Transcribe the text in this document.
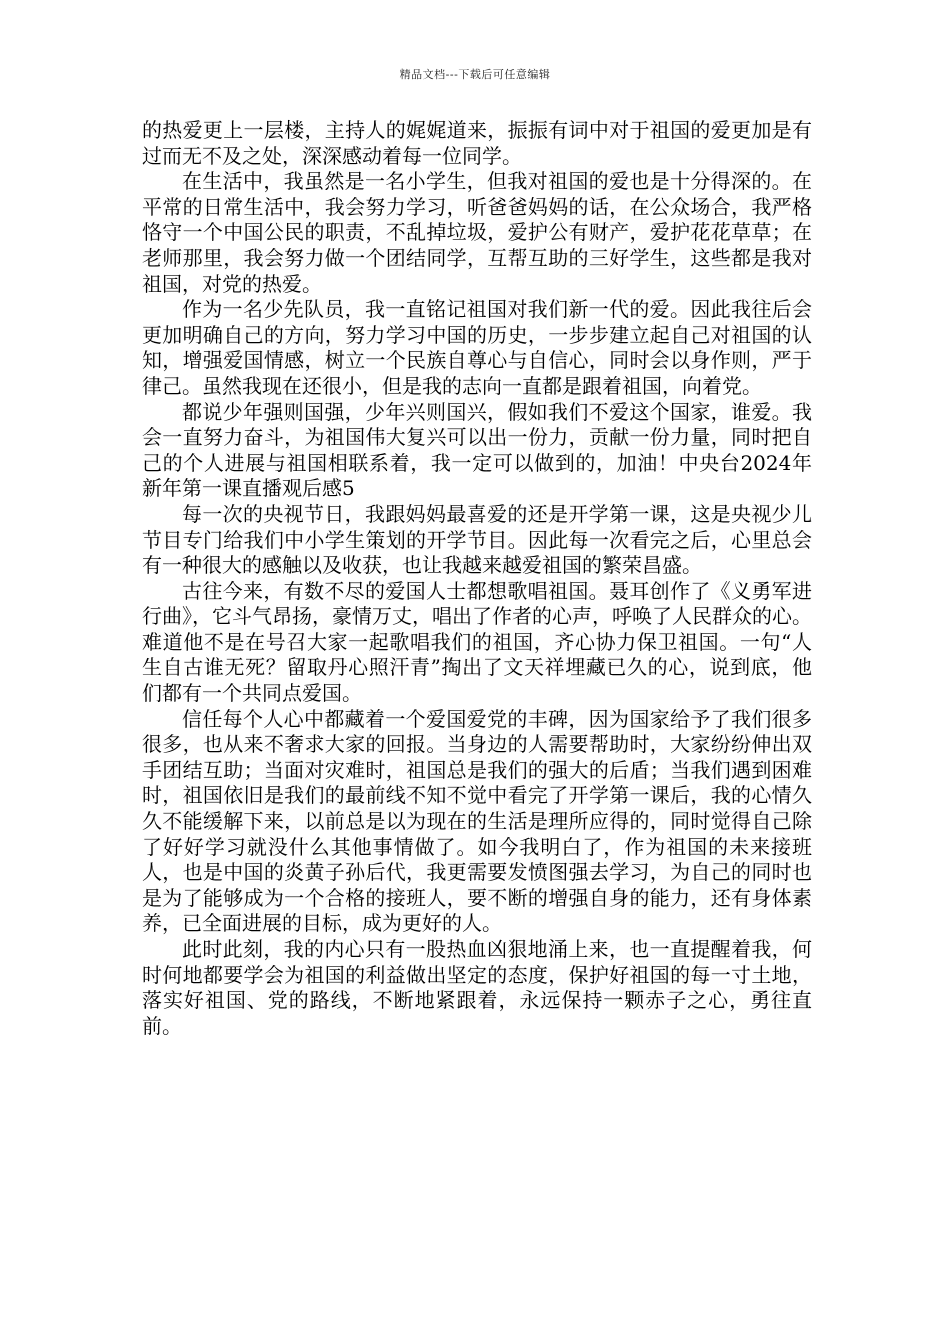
精品文档---下载后可任意编辑

的热爱更上一层楼，主持人的娓娓道来，振振有词中对于祖国的爱更加是有过而无不及之处，深深感动着每一位同学。

在生活中，我虽然是一名小学生，但我对祖国的爱也是十分得深的。在平常的日常生活中，我会努力学习，听爸爸妈妈的话，在公众场合，我严格恪守一个中国公民的职责，不乱掉垃圾，爱护公有财产，爱护花花草草；在老师那里，我会努力做一个团结同学，互帮互助的三好学生，这些都是我对祖国，对党的热爱。

作为一名少先队员，我一直铭记祖国对我们新一代的爱。因此我往后会更加明确自己的方向，努力学习中国的历史，一步步建立起自己对祖国的认知，增强爱国情感，树立一个民族自尊心与自信心，同时会以身作则，严于律己。虽然我现在还很小，但是我的志向一直都是跟着祖国，向着党。

都说少年强则国强，少年兴则国兴，假如我们不爱这个国家，谁爱。我会一直努力奋斗，为祖国伟大复兴可以出一份力，贡献一份力量，同时把自己的个人进展与祖国相联系着，我一定可以做到的，加油！中央台2024年新年第一课直播观后感5

每一次的央视节日，我跟妈妈最喜爱的还是开学第一课，这是央视少儿节目专门给我们中小学生策划的开学节目。因此每一次看完之后，心里总会有一种很大的感触以及收获，也让我越来越爱祖国的繁荣昌盛。

古往今来，有数不尽的爱国人士都想歌唱祖国。聂耳创作了《义勇军进行曲》，它斗气昂扬，豪情万丈，唱出了作者的心声，呼唤了人民群众的心。难道他不是在号召大家一起歌唱我们的祖国，齐心协力保卫祖国。一句“人生自古谁无死？留取丹心照汗青”掏出了文天祥埋藏已久的心，说到底，他们都有一个共同点爱国。

信任每个人心中都藏着一个爱国爱党的丰碑，因为国家给予了我们很多很多，也从来不奢求大家的回报。当身边的人需要帮助时，大家纷纷伸出双手团结互助；当面对灾难时，祖国总是我们的强大的后盾；当我们遇到困难时，祖国依旧是我们的最前线不知不觉中看完了开学第一课后，我的心情久久不能缓解下来，以前总是以为现在的生活是理所应得的，同时觉得自己除了好好学习就没什么其他事情做了。如今我明白了，作为祖国的未来接班人，也是中国的炎黄子孙后代，我更需要发愤图强去学习，为自己的同时也是为了能够成为一个合格的接班人，要不断的增强自身的能力，还有身体素养，已全面进展的目标，成为更好的人。

此时此刻，我的内心只有一股热血凶狠地涌上来，也一直提醒着我，何时何地都要学会为祖国的利益做出坚定的态度，保护好祖国的每一寸土地，落实好祖国、党的路线，不断地紧跟着，永远保持一颗赤子之心，勇往直前。
